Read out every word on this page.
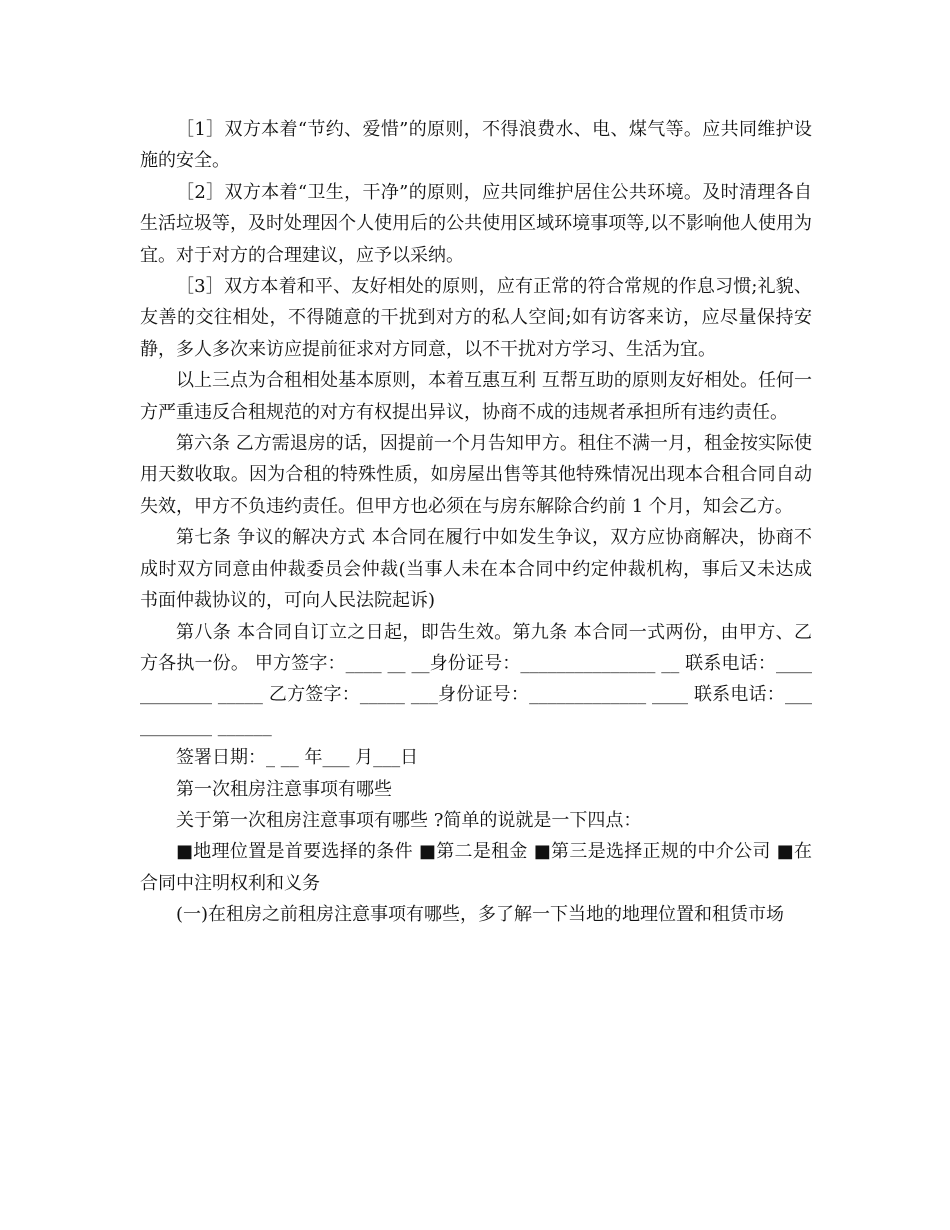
［1］双方本着“节约、爱惜”的原则，不得浪费水、电、煤气等。应共同维护设施的安全。

［2］双方本着“卫生，干净”的原则，应共同维护居住公共环境。及时清理各自生活垃圾等，及时处理因个人使用后的公共使用区域环境事项等,以不影响他人使用为宜。对于对方的合理建议，应予以采纳。

［3］双方本着和平、友好相处的原则，应有正常的符合常规的作息习惯;礼貌、友善的交往相处，不得随意的干扰到对方的私人空间;如有访客来访，应尽量保持安静，多人多次来访应提前征求对方同意，以不干扰对方学习、生活为宜。

以上三点为合租相处基本原则，本着互惠互利 互帮互助的原则友好相处。任何一方严重违反合租规范的对方有权提出异议，协商不成的违规者承担所有违约责任。

第六条 乙方需退房的话，因提前一个月告知甲方。租住不满一月，租金按实际使用天数收取。因为合租的特殊性质，如房屋出售等其他特殊情况出现本合租合同自动失效，甲方不负违约责任。但甲方也必须在与房东解除合约前 1 个月，知会乙方。

第七条 争议的解决方式 本合同在履行中如发生争议，双方应协商解决，协商不成时双方同意由仲裁委员会仲裁(当事人未在本合同中约定仲裁机构，事后又未达成书面仲裁协议的，可向人民法院起诉)

第八条 本合同自订立之日起，即告生效。第九条 本合同一式两份，由甲方、乙方各执一份。 甲方签字：____ __ __身份证号：_______________ __ 联系电话：____________ _____ 乙方签字：_____ ___身份证号：_____________ ____ 联系电话：___________ ______

签署日期：_ __ 年___ 月___日

第一次租房注意事项有哪些

关于第一次租房注意事项有哪些 ?简单的说就是一下四点：

■地理位置是首要选择的条件 ■第二是租金 ■第三是选择正规的中介公司 ■在合同中注明权利和义务

(一)在租房之前租房注意事项有哪些，多了解一下当地的地理位置和租赁市场
